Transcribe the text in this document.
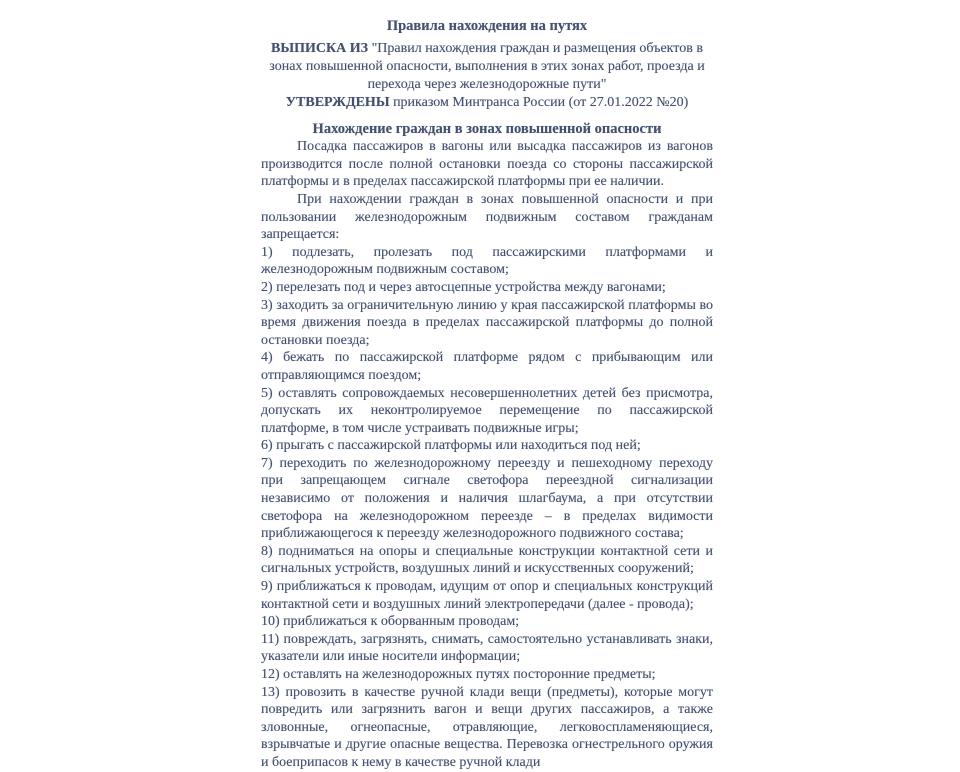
Правила нахождения на путях

ВЫПИСКА ИЗ "Правил нахождения граждан и размещения объектов в зонах повышенной опасности, выполнения в этих зонах работ, проезда и перехода через железнодорожные пути"

УТВЕРЖДЕНЫ приказом Минтранса России (от 27.01.2022 №20)

Нахождение граждан в зонах повышенной опасности

Посадка пассажиров в вагоны или высадка пассажиров из вагонов производится после полной остановки поезда со стороны пассажирской платформы и в пределах пассажирской платформы при ее наличии.

При нахождении граждан в зонах повышенной опасности и при пользовании железнодорожным подвижным составом гражданам запрещается:

1) подлезать, пролезать под пассажирскими платформами и железнодорожным подвижным составом;

2) перелезать под и через автосцепные устройства между вагонами;

3) заходить за ограничительную линию у края пассажирской платформы во время движения поезда в пределах пассажирской платформы до полной остановки поезда;

4) бежать по пассажирской платформе рядом с прибывающим или отправляющимся поездом;

5) оставлять сопровождаемых несовершеннолетних детей без присмотра, допускать их неконтролируемое перемещение по пассажирской платформе, в том числе устраивать подвижные игры;

6) прыгать с пассажирской платформы или находиться под ней;

7) переходить по железнодорожному переезду и пешеходному переходу при запрещающем сигнале светофора переездной сигнализации независимо от положения и наличия шлагбаума, а при отсутствии светофора на железнодорожном переезде – в пределах видимости приближающегося к переезду железнодорожного подвижного состава;

8) подниматься на опоры и специальные конструкции контактной сети и сигнальных устройств, воздушных линий и искусственных сооружений;

9) приближаться к проводам, идущим от опор и специальных конструкций контактной сети и воздушных линий электропередачи (далее - провода);

10) приближаться к оборванным проводам;

11) повреждать, загрязнять, снимать, самостоятельно устанавливать знаки, указатели или иные носители информации;

12) оставлять на железнодорожных путях посторонние предметы;

13) провозить в качестве ручной клади вещи (предметы), которые могут повредить или загрязнить вагон и вещи других пассажиров, а также зловонные, огнеопасные, отравляющие, легковоспламеняющиеся, взрывчатые и другие опасные вещества. Перевозка огнестрельного оружия и боеприпасов к нему в качестве ручной клади
